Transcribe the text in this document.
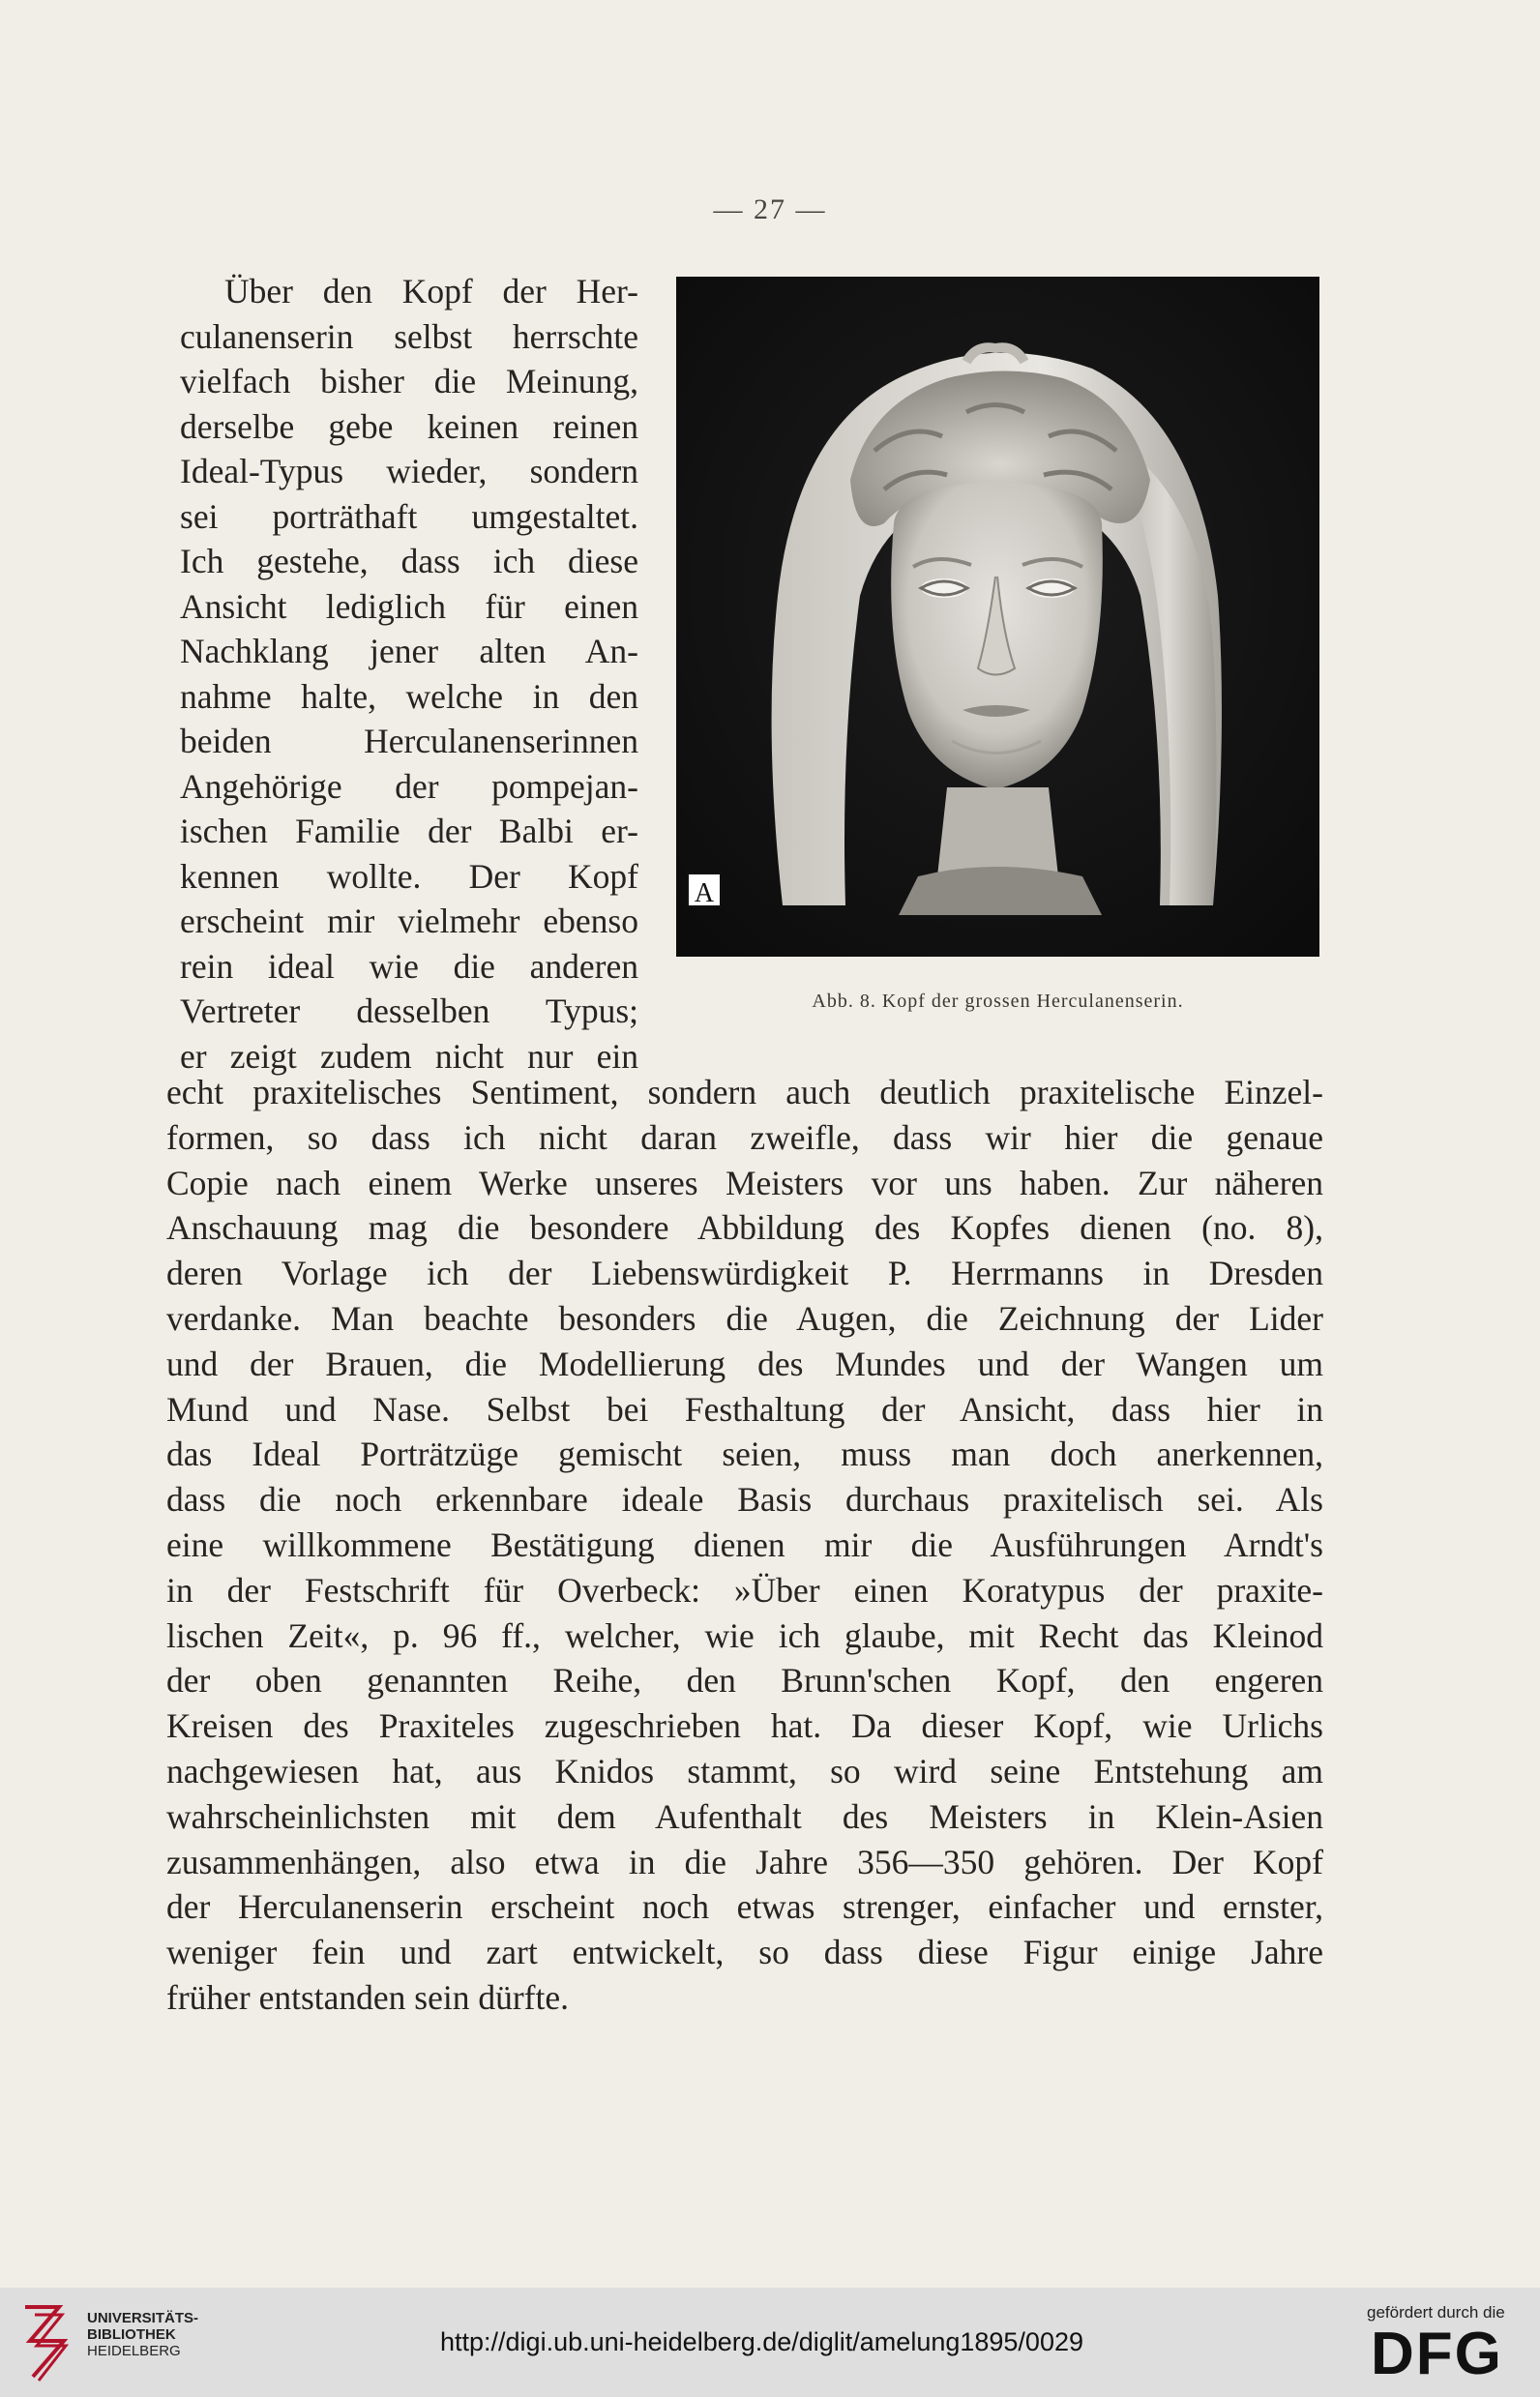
— 27 —
Über den Kopf der Her-
culanenserin selbst herrschte
vielfach bisher die Meinung,
derselbe gebe keinen reinen
Ideal-Typus wieder, sondern
sei porträthaft umgestaltet.
Ich gestehe, dass ich diese
Ansicht lediglich für einen
Nachklang jener alten An-
nahme halte, welche in den
beiden Herculanenserinnen
Angehörige der pompejan-
ischen Familie der Balbi er-
kennen wollte. Der Kopf
erscheint mir vielmehr ebenso
rein ideal wie die anderen
Vertreter desselben Typus;
er zeigt zudem nicht nur ein
A
Abb. 8. Kopf der grossen Herculanenserin.
echt praxitelisches Sentiment, sondern auch deutlich praxitelische Einzel-
formen, so dass ich nicht daran zweifle, dass wir hier die genaue
Copie nach einem Werke unseres Meisters vor uns haben. Zur näheren
Anschauung mag die besondere Abbildung des Kopfes dienen (no. 8),
deren Vorlage ich der Liebenswürdigkeit P. Herrmanns in Dresden
verdanke. Man beachte besonders die Augen, die Zeichnung der Lider
und der Brauen, die Modellierung des Mundes und der Wangen um
Mund und Nase. Selbst bei Festhaltung der Ansicht, dass hier in
das Ideal Porträtzüge gemischt seien, muss man doch anerkennen,
dass die noch erkennbare ideale Basis durchaus praxitelisch sei. Als
eine willkommene Bestätigung dienen mir die Ausführungen Arndt's
in der Festschrift für Overbeck: »Über einen Koratypus der praxite-
lischen Zeit«, p. 96 ff., welcher, wie ich glaube, mit Recht das Kleinod
der oben genannten Reihe, den Brunn'schen Kopf, den engeren
Kreisen des Praxiteles zugeschrieben hat. Da dieser Kopf, wie Urlichs
nachgewiesen hat, aus Knidos stammt, so wird seine Entstehung am
wahrscheinlichsten mit dem Aufenthalt des Meisters in Klein-Asien
zusammenhängen, also etwa in die Jahre 356—350 gehören. Der Kopf
der Herculanenserin erscheint noch etwas strenger, einfacher und ernster,
weniger fein und zart entwickelt, so dass diese Figur einige Jahre
früher entstanden sein dürfte.
UNIVERSITÄTS-
BIBLIOTHEK
HEIDELBERG	http://digi.ub.uni-heidelberg.de/diglit/amelung1895/0029
gefördert durch die
DFG
